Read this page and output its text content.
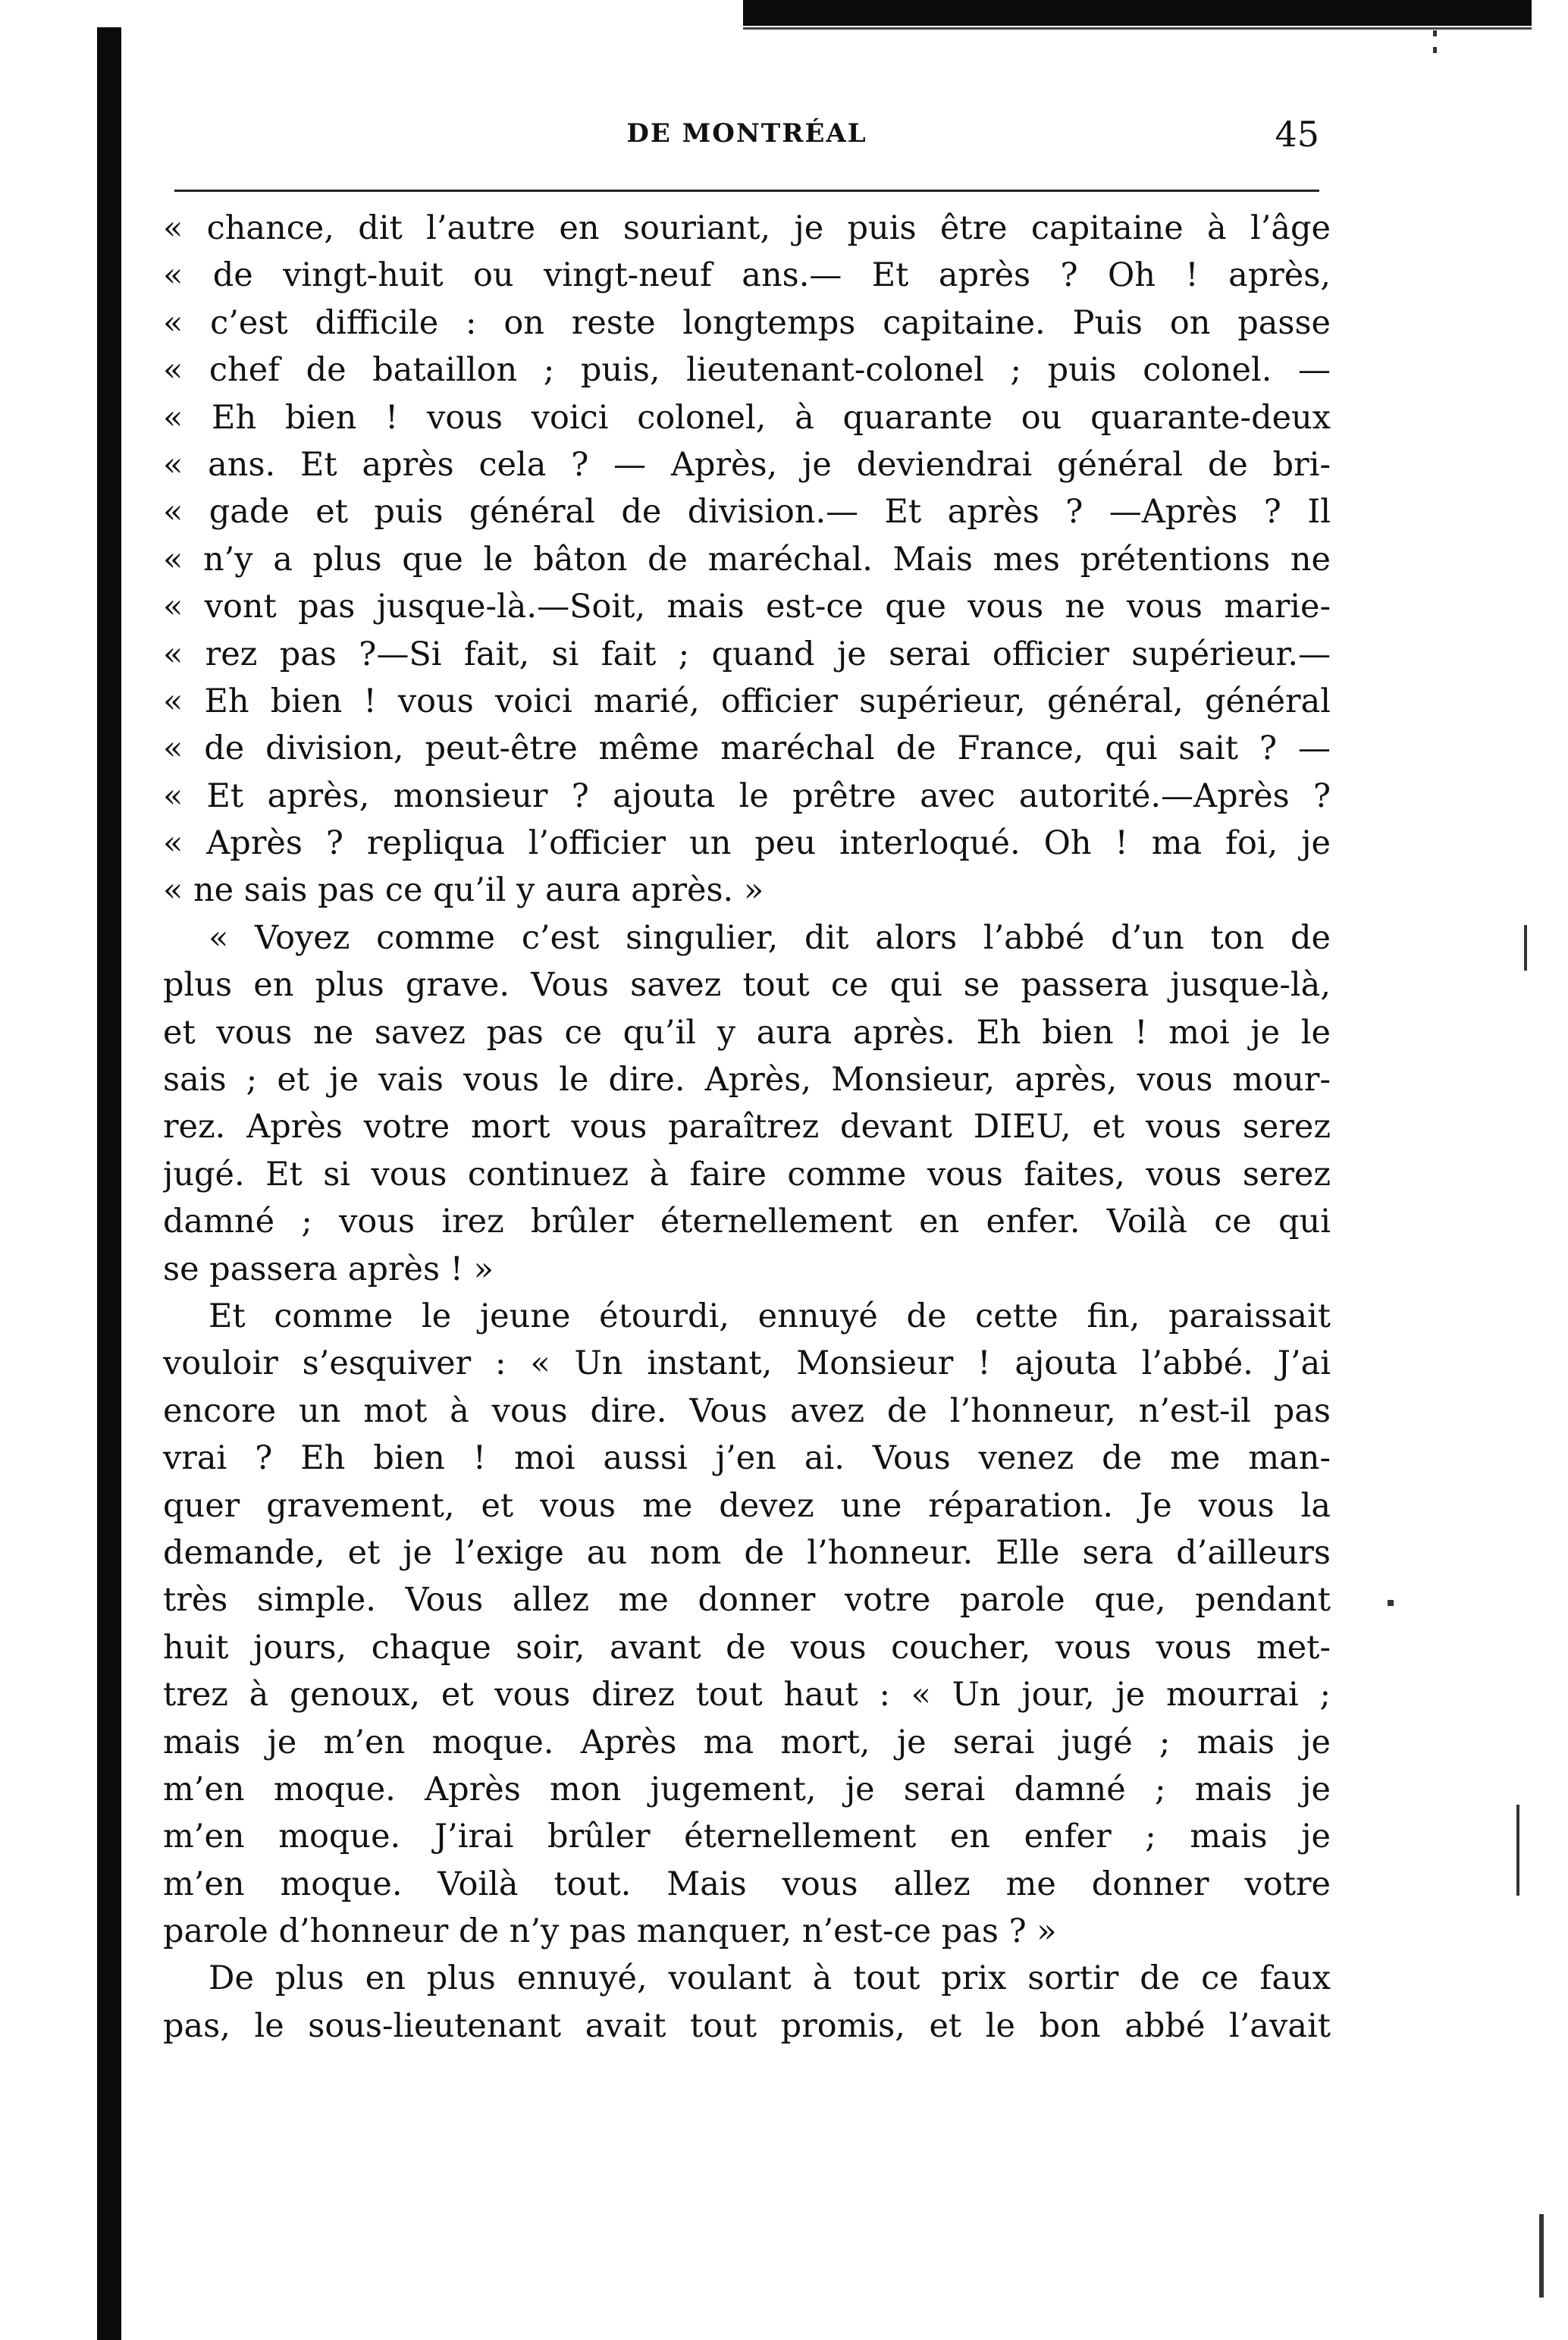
DE MONTRÉAL	45
« chance, dit l’autre en souriant, je puis être capitaine à l’âge
« de vingt-huit ou vingt-neuf ans.— Et après ? Oh ! après,
« c’est difficile : on reste longtemps capitaine. Puis on passe
« chef de bataillon ; puis, lieutenant-colonel ; puis colonel. —
« Eh bien ! vous voici colonel, à quarante ou quarante-deux
« ans. Et après cela ? — Après, je deviendrai général de bri-
« gade et puis général de division.— Et après ? —Après ? Il
« n’y a plus que le bâton de maréchal. Mais mes prétentions ne
« vont pas jusque-là.—Soit, mais est-ce que vous ne vous marie-
« rez pas ?—Si fait, si fait ; quand je serai officier supérieur.—
« Eh bien ! vous voici marié, officier supérieur, général, général
« de division, peut-être même maréchal de France, qui sait ? —
« Et après, monsieur ? ajouta le prêtre avec autorité.—Après ?
« Après ? repliqua l’officier un peu interloqué. Oh ! ma foi, je
« ne sais pas ce qu’il y aura après. »
« Voyez comme c’est singulier, dit alors l’abbé d’un ton de
plus en plus grave. Vous savez tout ce qui se passera jusque-là,
et vous ne savez pas ce qu’il y aura après. Eh bien ! moi je le
sais ; et je vais vous le dire. Après, Monsieur, après, vous mour-
rez. Après votre mort vous paraîtrez devant DIEU, et vous serez
jugé. Et si vous continuez à faire comme vous faites, vous serez
damné ; vous irez brûler éternellement en enfer. Voilà ce qui
se passera après ! »
Et comme le jeune étourdi, ennuyé de cette fin, paraissait
vouloir s’esquiver : « Un instant, Monsieur ! ajouta l’abbé. J’ai
encore un mot à vous dire. Vous avez de l’honneur, n’est-il pas
vrai ? Eh bien ! moi aussi j’en ai. Vous venez de me man-
quer gravement, et vous me devez une réparation. Je vous la
demande, et je l’exige au nom de l’honneur. Elle sera d’ailleurs
très simple. Vous allez me donner votre parole que, pendant
huit jours, chaque soir, avant de vous coucher, vous vous met-
trez à genoux, et vous direz tout haut : « Un jour, je mourrai ;
mais je m’en moque. Après ma mort, je serai jugé ; mais je
m’en moque. Après mon jugement, je serai damné ; mais je
m’en moque. J’irai brûler éternellement en enfer ; mais je
m’en moque. Voilà tout. Mais vous allez me donner votre
parole d’honneur de n’y pas manquer, n’est-ce pas ? »
De plus en plus ennuyé, voulant à tout prix sortir de ce faux
pas, le sous-lieutenant avait tout promis, et le bon abbé l’avait
